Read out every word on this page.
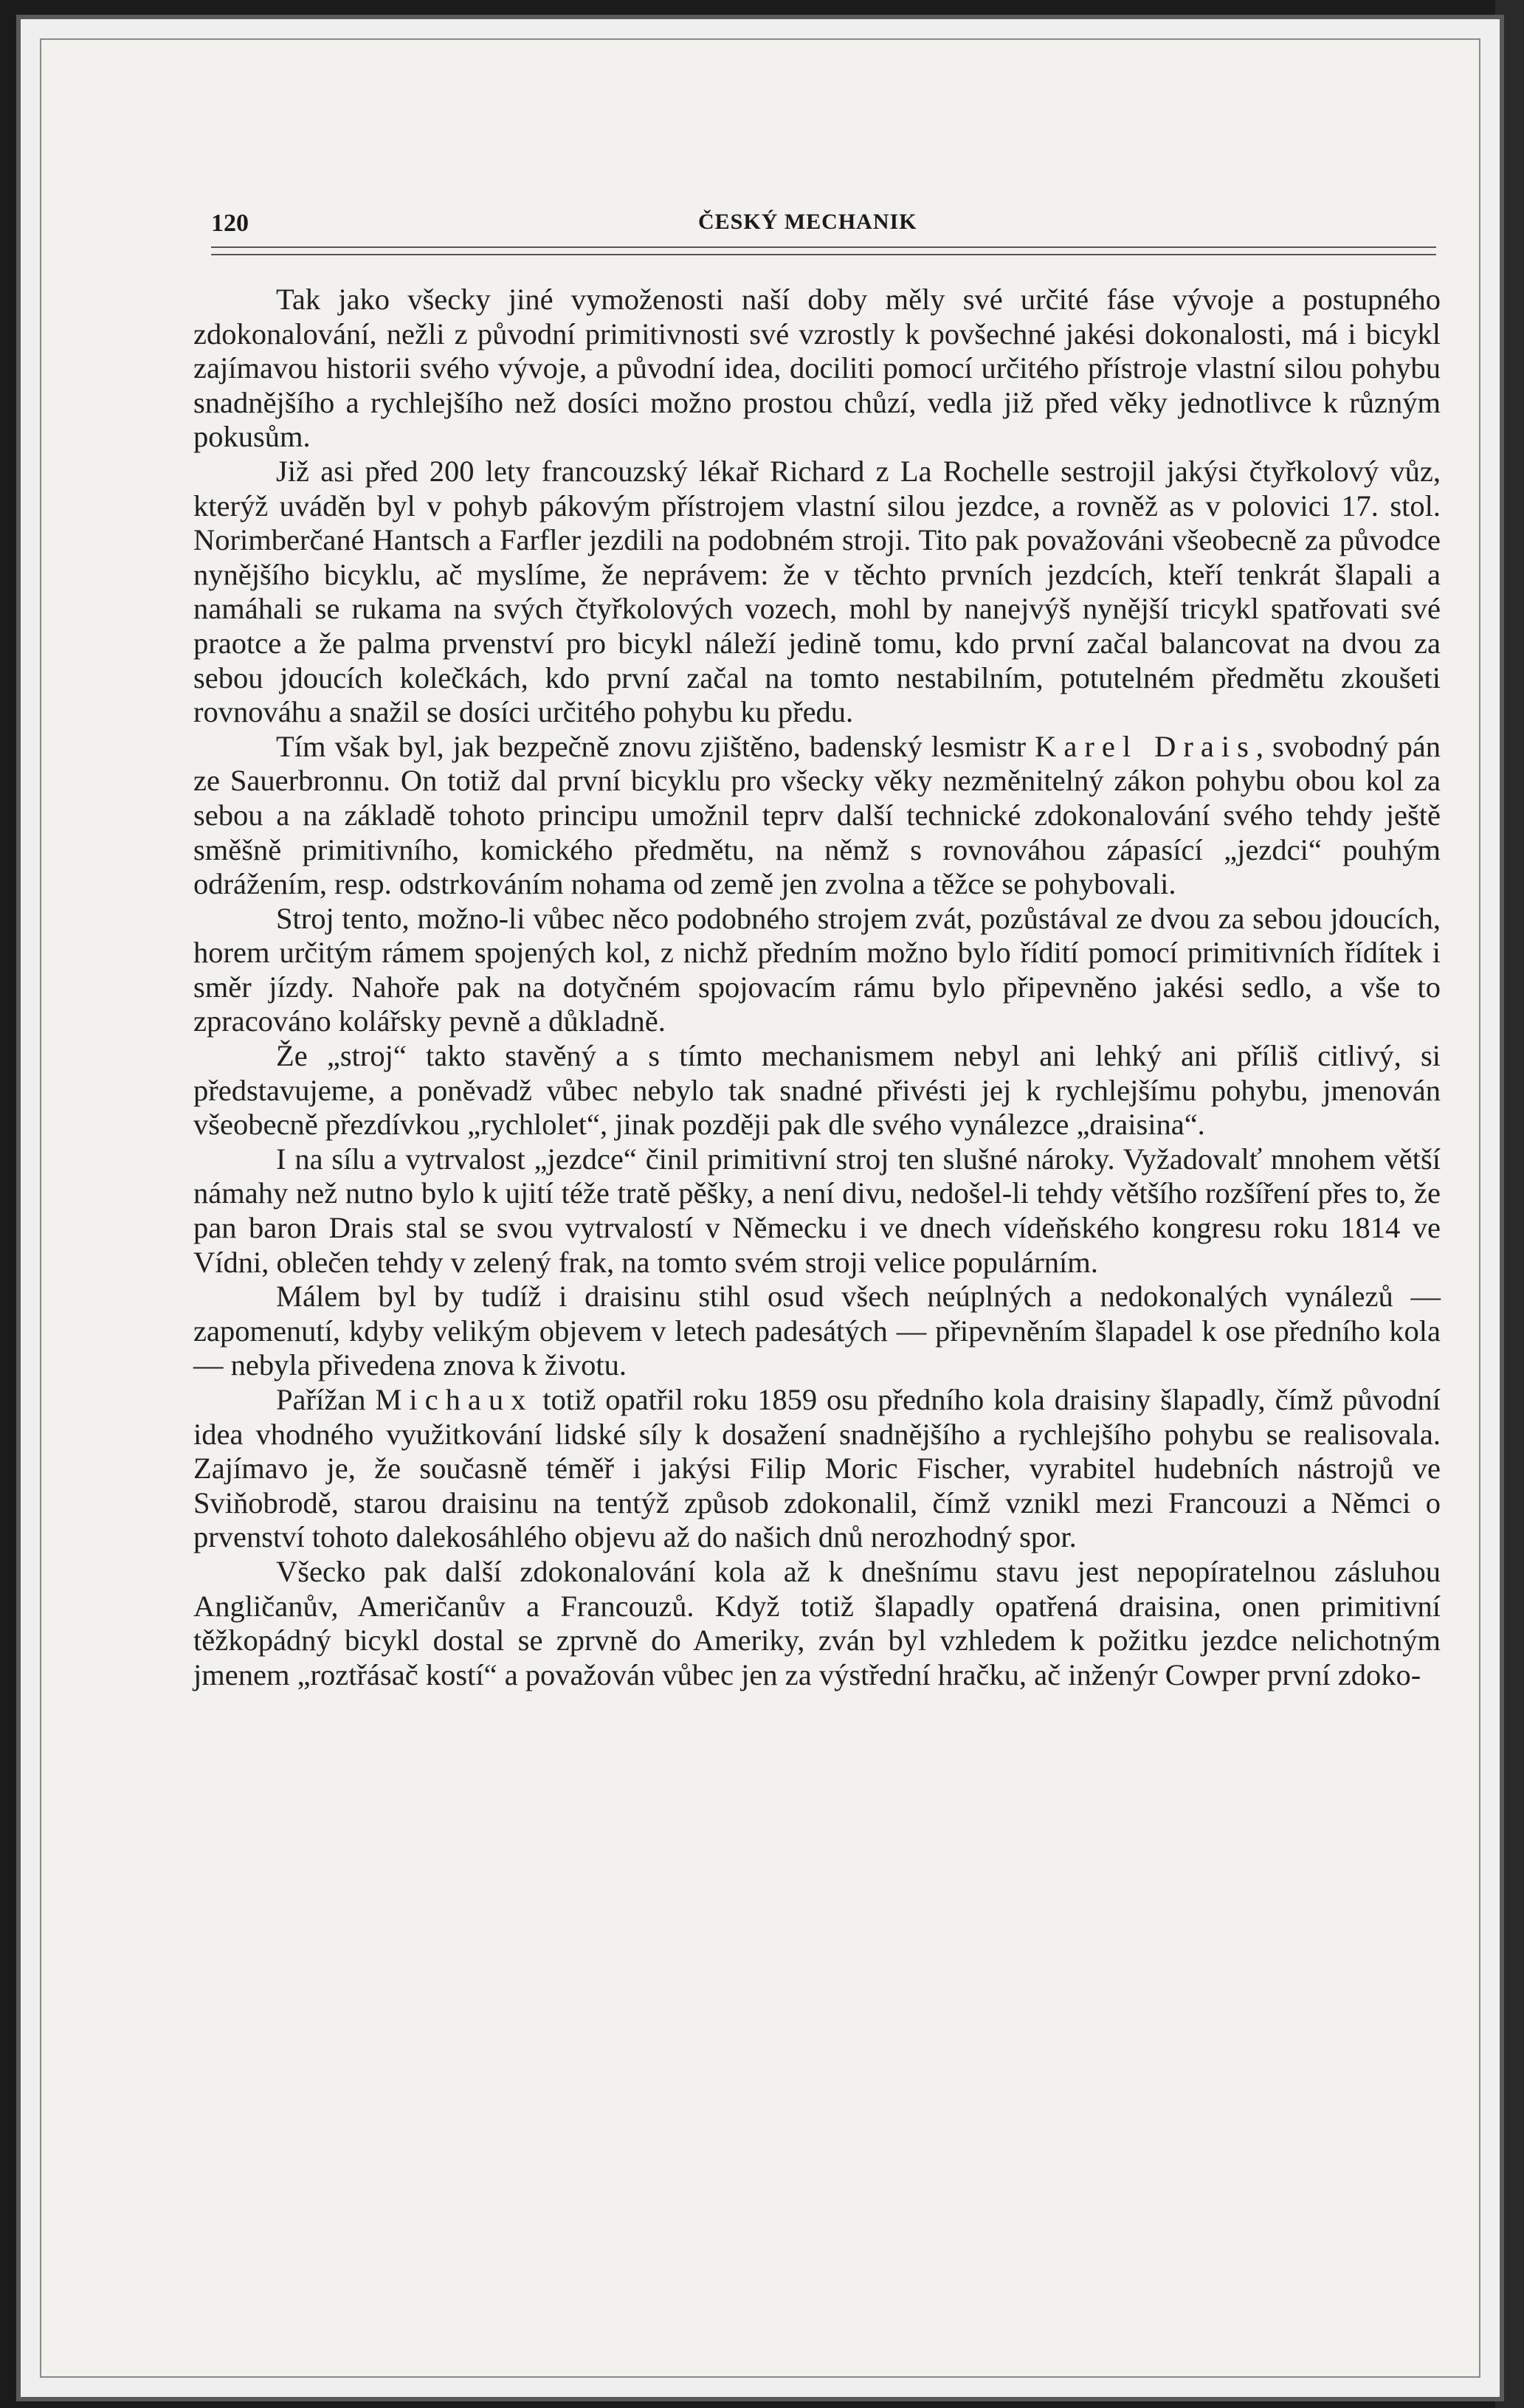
120	ČESKÝ MECHANIK

Tak jako všecky jiné vymoženosti naší doby měly své určité fáse vývoje a postupného zdokonalování, nežli z původní primitivnosti své vzrostly k povšechné jakési dokonalosti, má i bicykl zajímavou historii svého vývoje, a původní idea, dociliti pomocí určitého přístroje vlastní silou pohybu snadnějšího a rychlejšího než dosíci možno prostou chůzí, vedla již před věky jednotlivce k různým pokusům.

Již asi před 200 lety francouzský lékař Richard z La Rochelle sestrojil jakýsi čtyřkolový vůz, kterýž uváděn byl v pohyb pákovým přístrojem vlastní silou jezdce, a rovněž as v polovici 17. stol. Norimberčané Hantsch a Farfler jezdili na podobném stroji. Tito pak považováni všeobecně za původce nynějšího bicyklu, ač myslíme, že neprávem: že v těchto prvních jezdcích, kteří tenkrát šlapali a namáhali se rukama na svých čtyřkolových vozech, mohl by nanejvýš nynější tricykl spatřovati své praotce a že palma prvenství pro bicykl náleží jedině tomu, kdo první začal balancovat na dvou za sebou jdoucích kolečkách, kdo první začal na tomto nestabilním, potutelném předmětu zkoušeti rovnováhu a snažil se dosíci určitého pohybu ku předu.

Tím však byl, jak bezpečně znovu zjištěno, badenský lesmistr Karel Drais, svobodný pán ze Sauerbronnu. On totiž dal první bicyklu pro všecky věky nezměnitelný zákon pohybu obou kol za sebou a na základě tohoto principu umožnil teprv další technické zdokonalování svého tehdy ještě směšně primitivního, komického předmětu, na němž s rovnováhou zápasící „jezdci“ pouhým odrážením, resp. odstrkováním nohama od země jen zvolna a těžce se pohybovali.

Stroj tento, možno-li vůbec něco podobného strojem zvát, pozůstával ze dvou za sebou jdoucích, horem určitým rámem spojených kol, z nichž předním možno bylo řídití pomocí primitivních řídítek i směr jízdy. Nahoře pak na dotyčném spojovacím rámu bylo připevněno jakési sedlo, a vše to zpracováno kolářsky pevně a důkladně.

Že „stroj“ takto stavěný a s tímto mechanismem nebyl ani lehký ani příliš citlivý, si představujeme, a poněvadž vůbec nebylo tak snadné přivésti jej k rychlejšímu pohybu, jmenován všeobecně přezdívkou „rychlolet“, jinak později pak dle svého vynálezce „draisina“.

I na sílu a vytrvalost „jezdce“ činil primitivní stroj ten slušné nároky. Vyžadovalť mnohem větší námahy než nutno bylo k ujití téže tratě pěšky, a není divu, nedošel-li tehdy většího rozšíření přes to, že pan baron Drais stal se svou vytrvalostí v Německu i ve dnech vídeňského kongresu roku 1814 ve Vídni, oblečen tehdy v zelený frak, na tomto svém stroji velice populárním.

Málem byl by tudíž i draisinu stihl osud všech neúplných a nedokonalých vynálezů — zapomenutí, kdyby velikým objevem v letech padesátých — připevněním šlapadel k ose předního kola — nebyla přivedena znova k životu.

Pařížan Michaux totiž opatřil roku 1859 osu předního kola draisiny šlapadly, čímž původní idea vhodného využitkování lidské síly k dosažení snadnějšího a rychlejšího pohybu se realisovala. Zajímavo je, že současně téměř i jakýsi Filip Moric Fischer, vyrabitel hudebních nástrojů ve Sviňobrodě, starou draisinu na tentýž způsob zdokonalil, čímž vznikl mezi Francouzi a Němci o prvenství tohoto dalekosáhlého objevu až do našich dnů nerozhodný spor.

Všecko pak další zdokonalování kola až k dnešnímu stavu jest nepopíratelnou zásluhou Angličanův, Američanův a Francouzů. Když totiž šlapadly opatřená draisina, onen primitivní těžkopádný bicykl dostal se zprvně do Ameriky, zván byl vzhledem k požitku jezdce nelichotným jmenem „roztřásač kostí“ a považován vůbec jen za výstřední hračku, ač inženýr Cowper první zdoko-
